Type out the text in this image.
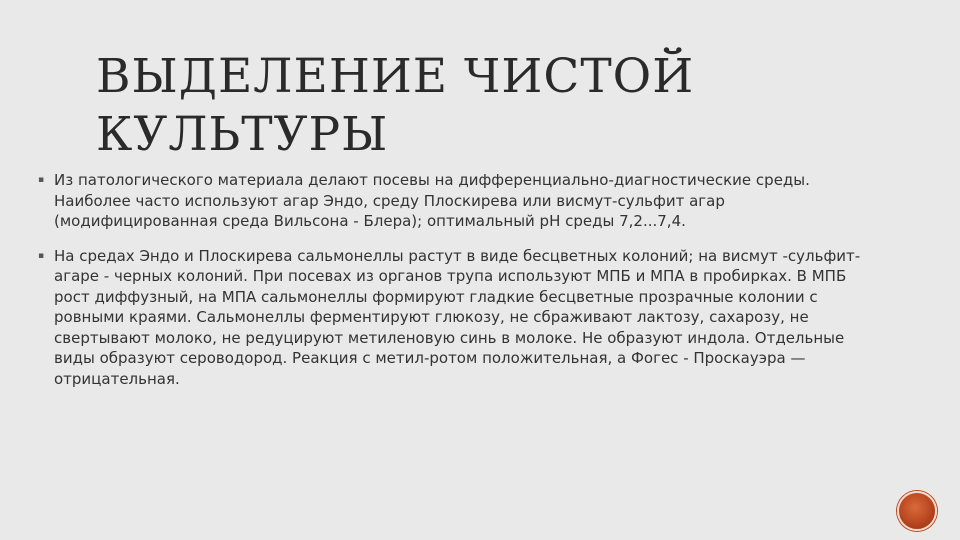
ВЫДЕЛЕНИЕ ЧИСТОЙ КУЛЬТУРЫ
▪ Из патологического материала делают посевы на дифференциально-диагностические среды. Наиболее часто используют агар Эндо, среду Плоскирева или висмут-сульфит агар (модифицированная среда Вильсона - Блера); оптимальный рН среды 7,2...7,4.
▪ На средах Эндо и Плоскирева сальмонеллы растут в виде бесцветных колоний; на висмут -сульфит-агаре - черных колоний. При посевах из органов трупа используют МПБ и МПА в пробирках. В МПБ рост диффузный, на МПА сальмонеллы формируют гладкие бесцветные прозрачные колонии с ровными краями. Сальмонеллы ферментируют глюкозу, не сбраживают лактозу, сахарозу, не свертывают молоко, не редуцируют метиленовую синь в молоке. Не образуют индола. Отдельные виды образуют сероводород. Реакция с метил-ротом положительная, а Фогес - Проскауэра — отрицательная.
